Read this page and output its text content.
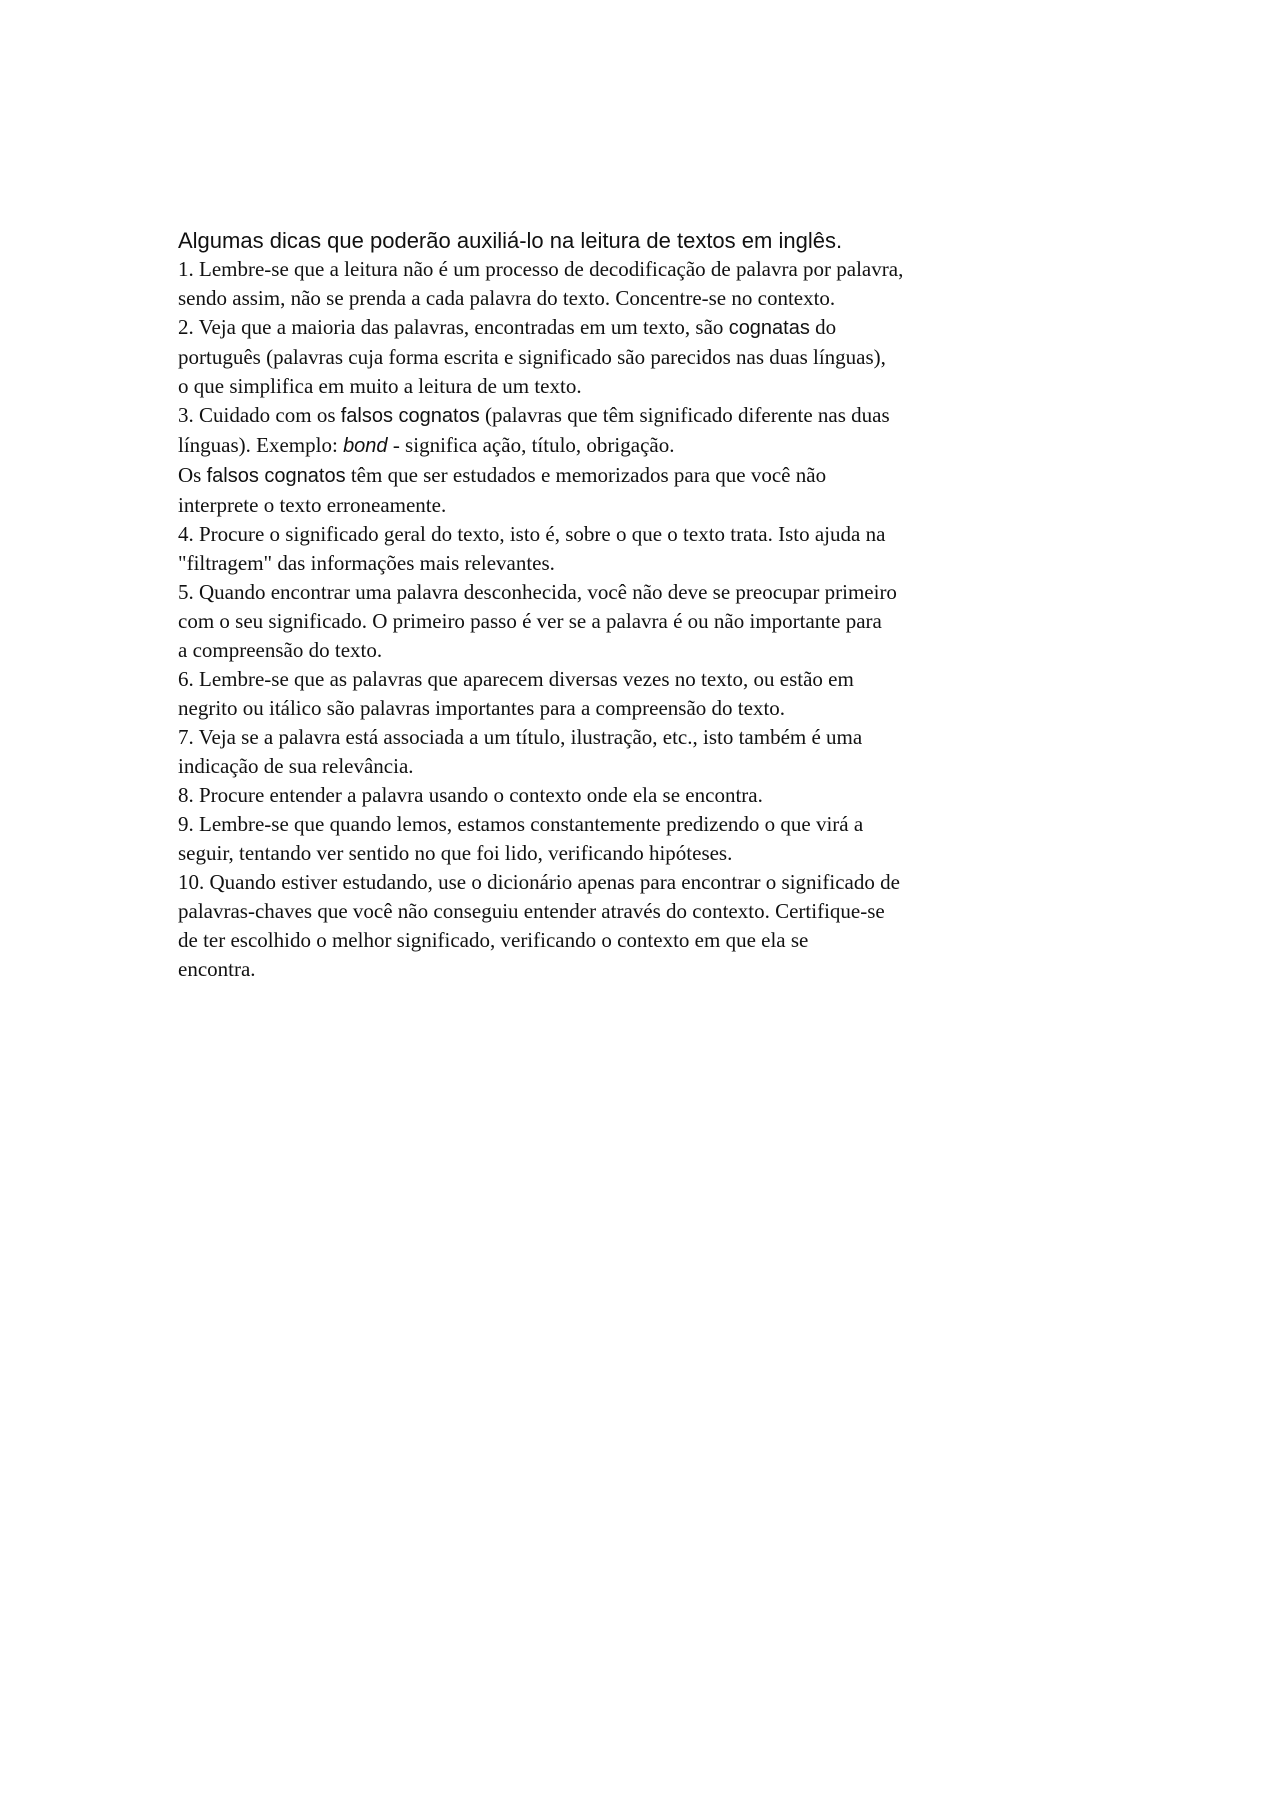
Algumas dicas que poderão auxiliá-lo na leitura de textos em inglês.

1. Lembre-se que a leitura não é um processo de decodificação de palavra por palavra,

sendo assim, não se prenda a cada palavra do texto. Concentre-se no contexto.

2. Veja que a maioria das palavras, encontradas em um texto, são cognatas do

português (palavras cuja forma escrita e significado são parecidos nas duas línguas),

o que simplifica em muito a leitura de um texto.

3. Cuidado com os falsos cognatos (palavras que têm significado diferente nas duas

línguas). Exemplo: bond - significa ação, título, obrigação.

Os falsos cognatos têm que ser estudados e memorizados para que você não

interprete o texto erroneamente.

4. Procure o significado geral do texto, isto é, sobre o que o texto trata. Isto ajuda na

"filtragem" das informações mais relevantes.

5. Quando encontrar uma palavra desconhecida, você não deve se preocupar primeiro

com o seu significado. O primeiro passo é ver se a palavra é ou não importante para

a compreensão do texto.

6. Lembre-se que as palavras que aparecem diversas vezes no texto, ou estão em

negrito ou itálico são palavras importantes para a compreensão do texto.

7. Veja se a palavra está associada a um título, ilustração, etc., isto também é uma

indicação de sua relevância.

8. Procure entender a palavra usando o contexto onde ela se encontra.

9. Lembre-se que quando lemos, estamos constantemente predizendo o que virá a

seguir, tentando ver sentido no que foi lido, verificando hipóteses.

10. Quando estiver estudando, use o dicionário apenas para encontrar o significado de

palavras-chaves que você não conseguiu entender através do contexto. Certifique-se

de ter escolhido o melhor significado, verificando o contexto em que ela se

encontra.
